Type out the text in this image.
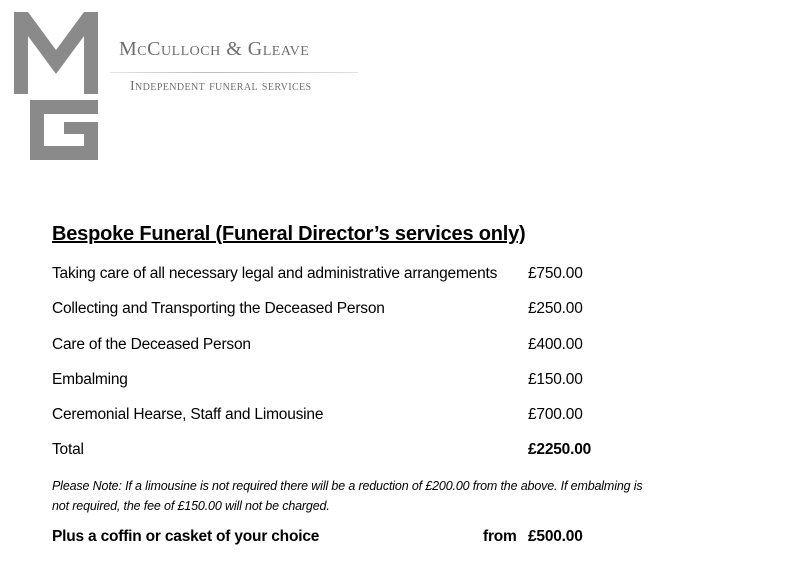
McCulloch & Gleave
Independent funeral services
Bespoke Funeral (Funeral Director’s services only)
Taking care of all necessary legal and administrative arrangements £750.00
Collecting and Transporting the Deceased Person	£250.00
Care of the Deceased Person	£400.00
Embalming	£150.00
Ceremonial Hearse, Staff and Limousine	£700.00
Total	£2250.00
Please Note: If a limousine is not required there will be a reduction of £200.00 from the above. If embalming is
not required, the fee of £150.00 will not be charged.
Plus a coffin or casket of your choice	from £500.00
